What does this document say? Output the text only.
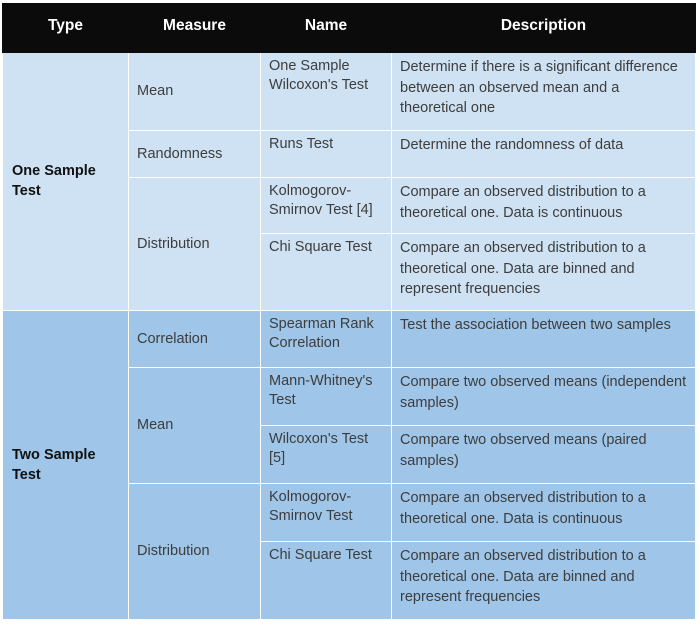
Type	Measure	Name	Description
One Sample Test	Mean	One Sample Wilcoxon's Test	Determine if there is a significant difference between an observed mean and a theoretical one
	Randomness	Runs Test	Determine the randomness of data
	Distribution	Kolmogorov-Smirnov Test [4]	Compare an observed distribution to a theoretical one. Data is continuous
		Chi Square Test	Compare an observed distribution to a theoretical one. Data are binned and represent frequencies
Two Sample Test	Correlation	Spearman Rank Correlation	Test the association between two samples
	Mean	Mann-Whitney's Test	Compare two observed means (independent samples)
		Wilcoxon's Test [5]	Compare two observed means (paired samples)
	Distribution	Kolmogorov-Smirnov Test	Compare an observed distribution to a theoretical one. Data is continuous
		Chi Square Test	Compare an observed distribution to a theoretical one. Data are binned and represent frequencies
